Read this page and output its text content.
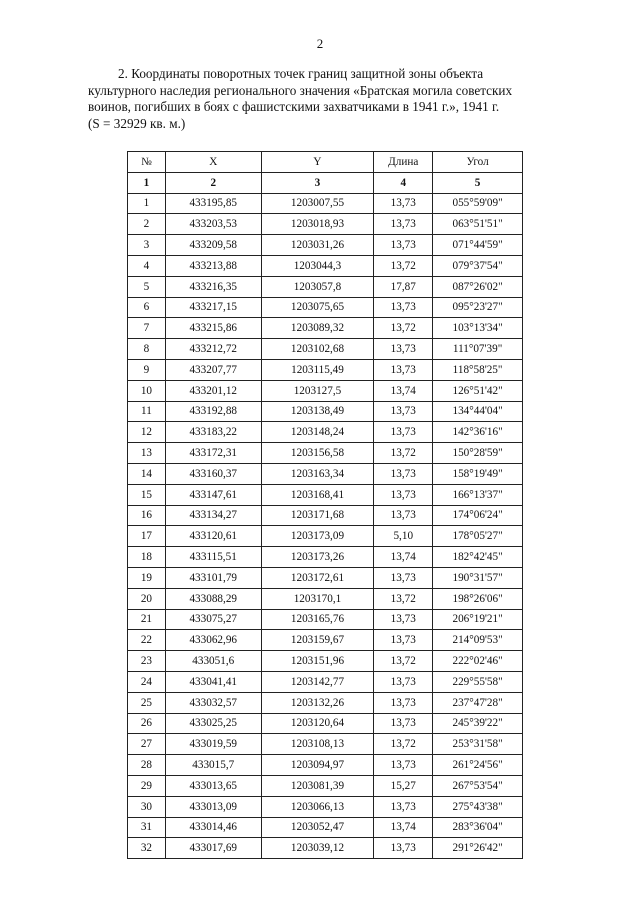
2
2. Координаты поворотных точек границ защитной зоны объекта
культурного наследия регионального значения «Братская могила советских
воинов, погибших в боях с фашистскими захватчиками в 1941 г.», 1941 г.
(S = 32929 кв. м.)
№	X	Y	Длина	Угол
1	2	3	4	5
1	433195,85	1203007,55	13,73	055°59'09"
2	433203,53	1203018,93	13,73	063°51'51"
3	433209,58	1203031,26	13,73	071°44'59"
4	433213,88	1203044,3	13,72	079°37'54"
5	433216,35	1203057,8	17,87	087°26'02"
6	433217,15	1203075,65	13,73	095°23'27"
7	433215,86	1203089,32	13,72	103°13'34"
8	433212,72	1203102,68	13,73	111°07'39"
9	433207,77	1203115,49	13,73	118°58'25"
10	433201,12	1203127,5	13,74	126°51'42"
11	433192,88	1203138,49	13,73	134°44'04"
12	433183,22	1203148,24	13,73	142°36'16"
13	433172,31	1203156,58	13,72	150°28'59"
14	433160,37	1203163,34	13,73	158°19'49"
15	433147,61	1203168,41	13,73	166°13'37"
16	433134,27	1203171,68	13,73	174°06'24"
17	433120,61	1203173,09	5,10	178°05'27"
18	433115,51	1203173,26	13,74	182°42'45"
19	433101,79	1203172,61	13,73	190°31'57"
20	433088,29	1203170,1	13,72	198°26'06"
21	433075,27	1203165,76	13,73	206°19'21"
22	433062,96	1203159,67	13,73	214°09'53"
23	433051,6	1203151,96	13,72	222°02'46"
24	433041,41	1203142,77	13,73	229°55'58"
25	433032,57	1203132,26	13,73	237°47'28"
26	433025,25	1203120,64	13,73	245°39'22"
27	433019,59	1203108,13	13,72	253°31'58"
28	433015,7	1203094,97	13,73	261°24'56"
29	433013,65	1203081,39	15,27	267°53'54"
30	433013,09	1203066,13	13,73	275°43'38"
31	433014,46	1203052,47	13,74	283°36'04"
32	433017,69	1203039,12	13,73	291°26'42"
